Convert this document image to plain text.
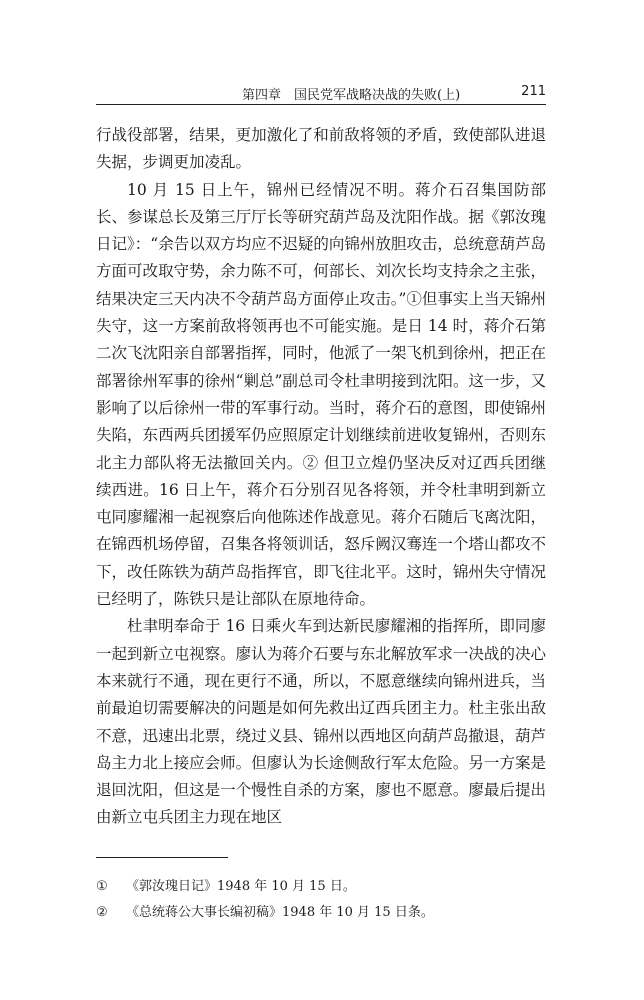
第四章　国民党军战略决战的失败(上)	211

行战役部署，结果，更加激化了和前敌将领的矛盾，致使部队进退失据，步调更加凌乱。

10 月 15 日上午，锦州已经情况不明。蒋介石召集国防部长、参谋总长及第三厅厅长等研究葫芦岛及沈阳作战。据《郭汝瑰日记》：“余告以双方均应不迟疑的向锦州放胆攻击，总统意葫芦岛方面可改取守势，余力陈不可，何部长、刘次长均支持余之主张，结果决定三天内决不令葫芦岛方面停止攻击。”①但事实上当天锦州失守，这一方案前敌将领再也不可能实施。是日 14 时，蒋介石第二次飞沈阳亲自部署指挥，同时，他派了一架飞机到徐州，把正在部署徐州军事的徐州“剿总”副总司令杜聿明接到沈阳。这一步，又影响了以后徐州一带的军事行动。当时，蒋介石的意图，即使锦州失陷，东西两兵团援军仍应照原定计划继续前进收复锦州，否则东北主力部队将无法撤回关内。② 但卫立煌仍坚决反对辽西兵团继续西进。16 日上午，蒋介石分别召见各将领，并令杜聿明到新立屯同廖耀湘一起视察后向他陈述作战意见。蒋介石随后飞离沈阳，在锦西机场停留，召集各将领训话，怒斥阙汉骞连一个塔山都攻不下，改任陈铁为葫芦岛指挥官，即飞往北平。这时，锦州失守情况已经明了，陈铁只是让部队在原地待命。

杜聿明奉命于 16 日乘火车到达新民廖耀湘的指挥所，即同廖一起到新立屯视察。廖认为蒋介石要与东北解放军求一决战的决心本来就行不通，现在更行不通，所以，不愿意继续向锦州进兵，当前最迫切需要解决的问题是如何先救出辽西兵团主力。杜主张出敌不意，迅速出北票，绕过义县、锦州以西地区向葫芦岛撤退，葫芦岛主力北上接应会师。但廖认为长途侧敌行军太危险。另一方案是退回沈阳，但这是一个慢性自杀的方案，廖也不愿意。廖最后提出由新立屯兵团主力现在地区

①	《郭汝瑰日记》1948 年 10 月 15 日。
②	《总统蒋公大事长编初稿》1948 年 10 月 15 日条。
